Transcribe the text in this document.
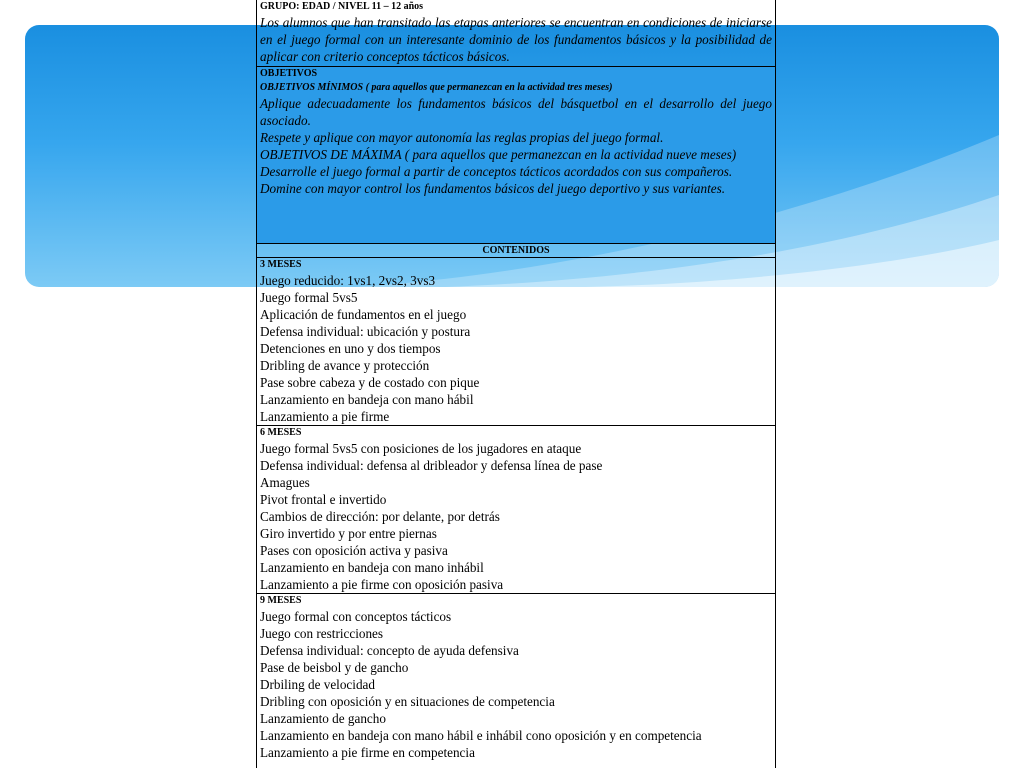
GRUPO: EDAD / NIVEL 11 – 12 años
Los alumnos que han transitado las etapas anteriores se encuentran en condiciones de iniciarse en el juego formal con un interesante dominio de los fundamentos básicos y la posibilidad de aplicar con criterio conceptos tácticos básicos.
OBJETIVOS
OBJETIVOS MÍNIMOS ( para aquellos que permanezcan en la actividad tres meses)
Aplique adecuadamente los fundamentos básicos del básquetbol en el desarrollo del juego asociado.
Respete y aplique con mayor autonomía las reglas propias del juego formal.
OBJETIVOS DE MÁXIMA ( para aquellos que permanezcan en la actividad nueve meses)
Desarrolle el juego formal a partir de conceptos tácticos acordados con sus compañeros.
Domine con mayor control los fundamentos básicos del juego deportivo y sus variantes.
CONTENIDOS
3 MESES
Juego reducido: 1vs1, 2vs2, 3vs3
Juego formal 5vs5
Aplicación de fundamentos en el juego
Defensa individual: ubicación y postura
Detenciones en uno y dos tiempos
Dribling de avance y protección
Pase sobre cabeza y de costado con pique
Lanzamiento en bandeja con mano hábil
Lanzamiento a pie firme
6 MESES
Juego formal 5vs5 con posiciones de los jugadores en ataque
Defensa individual: defensa al dribleador y defensa línea de pase
Amagues
Pivot frontal e invertido
Cambios de dirección: por delante, por detrás
Giro invertido y por entre piernas
Pases con oposición activa y pasiva
Lanzamiento en bandeja con mano inhábil
Lanzamiento a pie firme con oposición pasiva
9 MESES
Juego formal con conceptos tácticos
Juego con restricciones
Defensa individual: concepto de ayuda defensiva
Pase de beisbol y de gancho
Drbiling de velocidad
Dribling con oposición y en situaciones de competencia
Lanzamiento de gancho
Lanzamiento en bandeja con mano hábil e inhábil cono oposición y en competencia
Lanzamiento a pie firme en competencia
